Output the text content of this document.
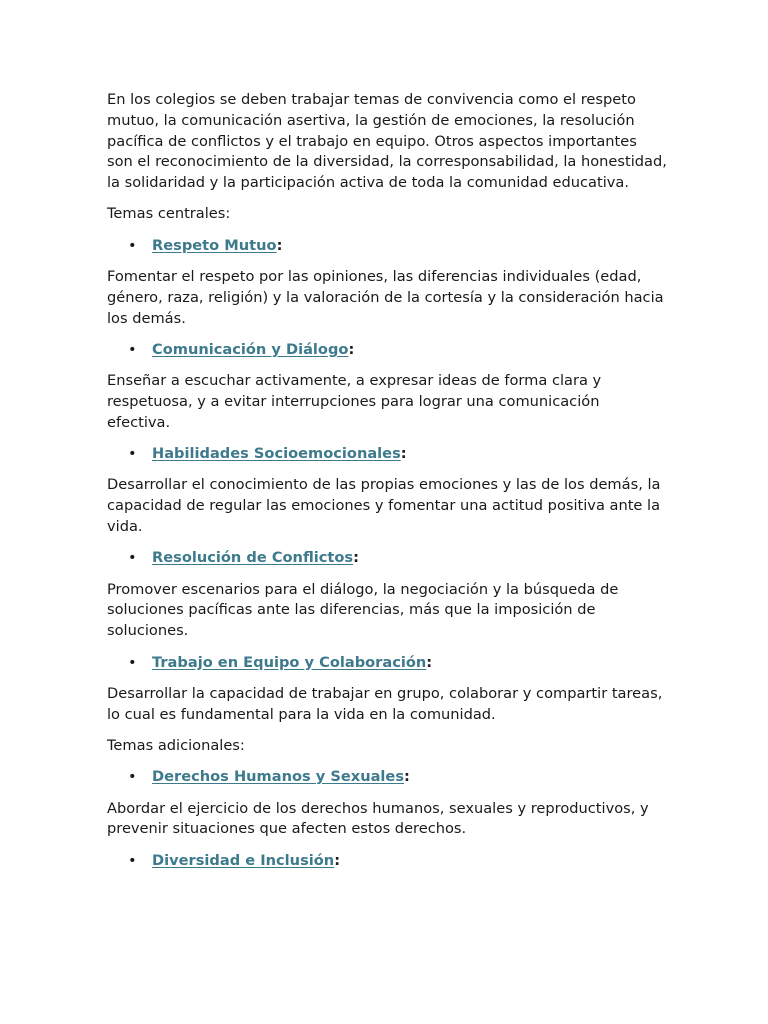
En los colegios se deben trabajar temas de convivencia como el respeto mutuo, la comunicación asertiva, la gestión de emociones, la resolución pacífica de conflictos y el trabajo en equipo. Otros aspectos importantes son el reconocimiento de la diversidad, la corresponsabilidad, la honestidad, la solidaridad y la participación activa de toda la comunidad educativa.

Temas centrales:

• Respeto Mutuo:

Fomentar el respeto por las opiniones, las diferencias individuales (edad, género, raza, religión) y la valoración de la cortesía y la consideración hacia los demás.

• Comunicación y Diálogo:

Enseñar a escuchar activamente, a expresar ideas de forma clara y respetuosa, y a evitar interrupciones para lograr una comunicación efectiva.

• Habilidades Socioemocionales:

Desarrollar el conocimiento de las propias emociones y las de los demás, la capacidad de regular las emociones y fomentar una actitud positiva ante la vida.

• Resolución de Conflictos:

Promover escenarios para el diálogo, la negociación y la búsqueda de soluciones pacíficas ante las diferencias, más que la imposición de soluciones.

• Trabajo en Equipo y Colaboración:

Desarrollar la capacidad de trabajar en grupo, colaborar y compartir tareas, lo cual es fundamental para la vida en la comunidad.

Temas adicionales:

• Derechos Humanos y Sexuales:

Abordar el ejercicio de los derechos humanos, sexuales y reproductivos, y prevenir situaciones que afecten estos derechos.

• Diversidad e Inclusión:
